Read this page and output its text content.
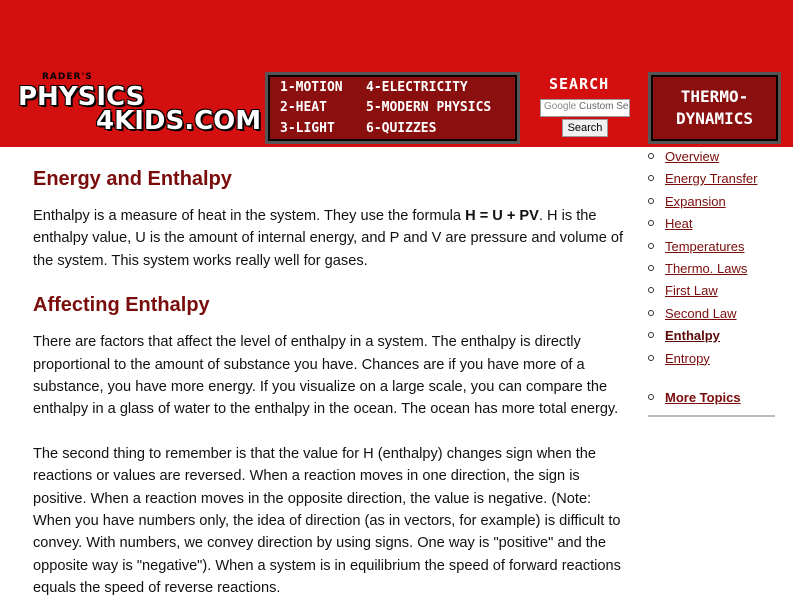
RADER'S
PHYSICS
4KIDS.COM
1-MOTION	4-ELECTRICITY
2-HEAT	5-MODERN PHYSICS
3-LIGHT	6-QUIZZES
SEARCH
Google Custom Se
Search
THERMO-
DYNAMICS
Energy and Enthalpy

Enthalpy is a measure of heat in the system. They use the formula H = U + PV. H is the enthalpy value, U is the amount of internal energy, and P and V are pressure and volume of the system. This system works really well for gases.

Affecting Enthalpy

There are factors that affect the level of enthalpy in a system. The enthalpy is directly proportional to the amount of substance you have. Chances are if you have more of a substance, you have more energy. If you visualize on a large scale, you can compare the enthalpy in a glass of water to the enthalpy in the ocean. The ocean has more total energy.

The second thing to remember is that the value for H (enthalpy) changes sign when the reactions or values are reversed. When a reaction moves in one direction, the sign is positive. When a reaction moves in the opposite direction, the value is negative. (Note: When you have numbers only, the idea of direction (as in vectors, for example) is difficult to convey. With numbers, we convey direction by using signs. One way is "positive" and the opposite way is "negative"). When a system is in equilibrium the speed of forward reactions equals the speed of reverse reactions.

Overview
Energy Transfer
Expansion
Heat
Temperatures
Thermo. Laws
First Law
Second Law
Enthalpy
Entropy
More Topics
